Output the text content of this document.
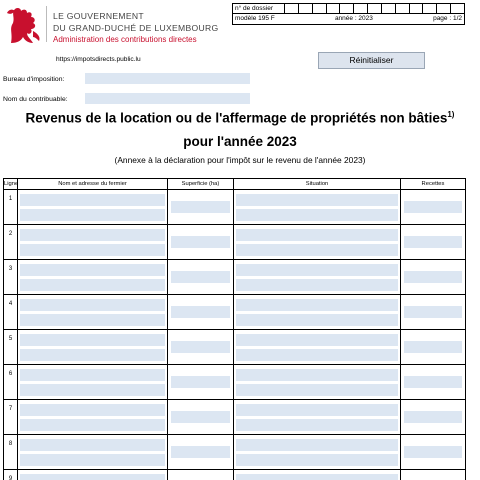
LE GOUVERNEMENT
DU GRAND-DUCHÉ DE LUXEMBOURG
Administration des contributions directes
n° de dossier
modèle 195 F	année : 2023	page : 1/2
https://impotsdirects.public.lu	Réinitialiser
Bureau d'imposition:
Nom du contribuable:
Revenus de la location ou de l'affermage de propriétés non bâties$^{1)}$
pour l'année 2023
(Annexe à la déclaration pour l'impôt sur le revenu de l'année 2023)
Ligne	Nom et adresse du fermier	Superficie (ha)	Situation	Recettes
1
2
3
4
5
6
7
8
9
